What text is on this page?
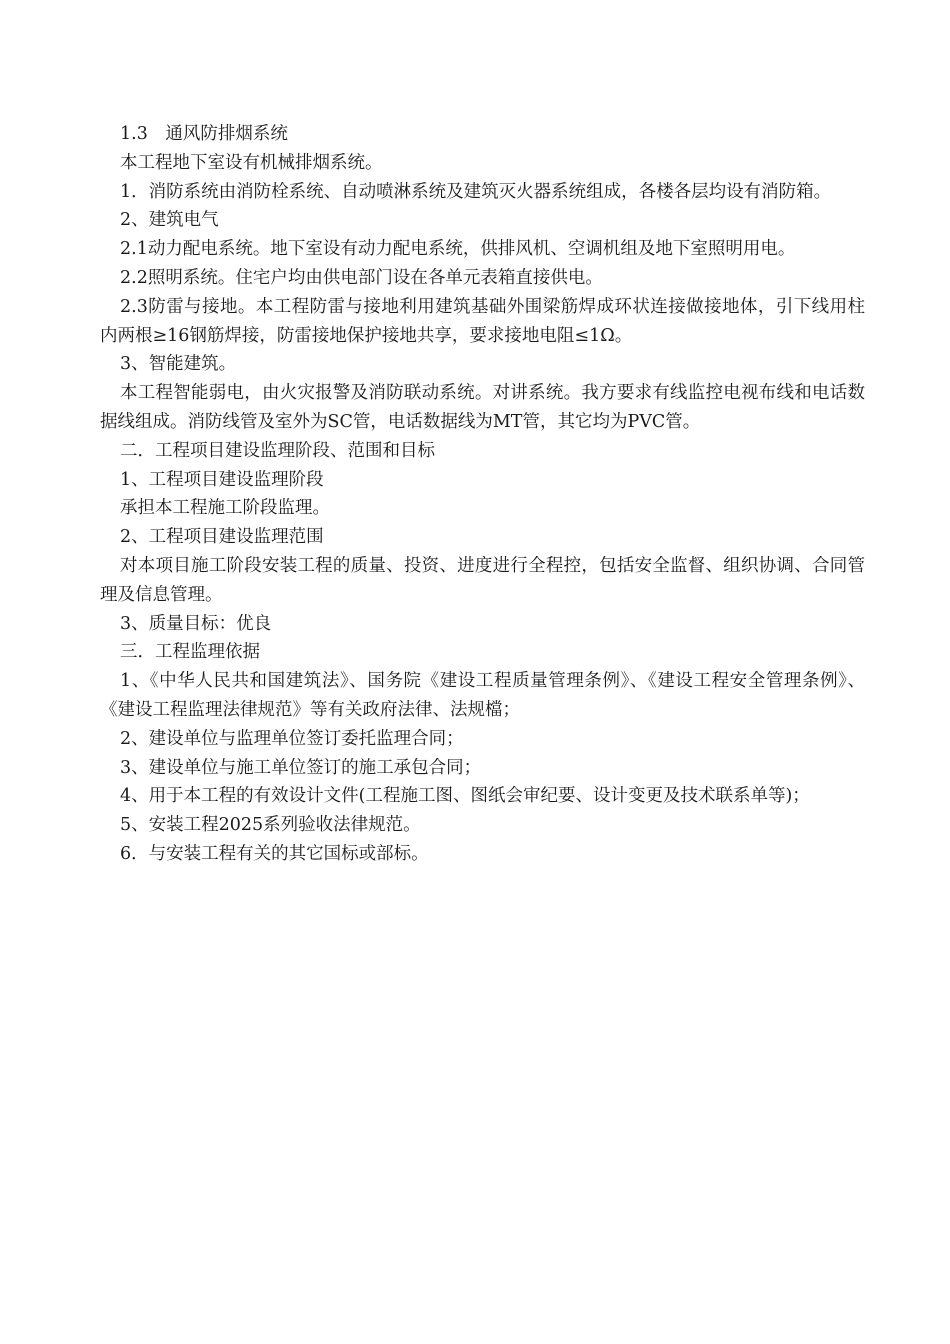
1.3　通风防排烟系统

本工程地下室设有机械排烟系统。

1．消防系统由消防栓系统、自动喷淋系统及建筑灭火器系统组成，各楼各层均设有消防箱。

2、建筑电气

2.1动力配电系统。地下室设有动力配电系统，供排风机、空调机组及地下室照明用电。

2.2照明系统。住宅户均由供电部门设在各单元表箱直接供电。

2.3防雷与接地。本工程防雷与接地利用建筑基础外围梁筋焊成环状连接做接地体，引下线用柱内两根≥16钢筋焊接，防雷接地保护接地共享，要求接地电阻≤1Ω。

3、智能建筑。

本工程智能弱电，由火灾报警及消防联动系统。对讲系统。我方要求有线监控电视布线和电话数据线组成。消防线管及室外为SC管，电话数据线为MT管，其它均为PVC管。

二．工程项目建设监理阶段、范围和目标

1、工程项目建设监理阶段

承担本工程施工阶段监理。

2、工程项目建设监理范围

对本项目施工阶段安装工程的质量、投资、进度进行全程控，包括安全监督、组织协调、合同管理及信息管理。

3、质量目标：优良

三．工程监理依据

1、《中华人民共和国建筑法》、国务院《建设工程质量管理条例》、《建设工程安全管理条例》、《建设工程监理法律规范》等有关政府法律、法规檔；

2、建设单位与监理单位签订委托监理合同；

3、建设单位与施工单位签订的施工承包合同；

4、用于本工程的有效设计文件(工程施工图、图纸会审纪要、设计变更及技术联系单等)；

5、安装工程2025系列验收法律规范。

6．与安装工程有关的其它国标或部标。
